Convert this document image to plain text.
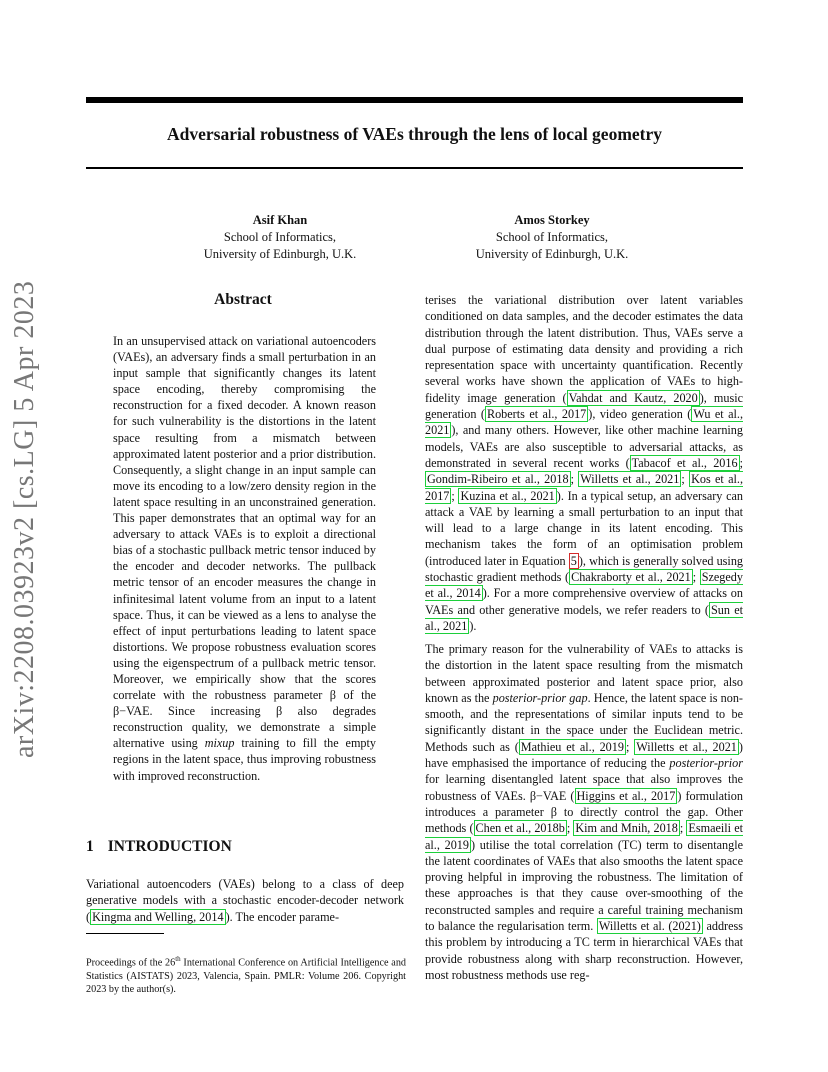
Adversarial robustness of VAEs through the lens of local geometry
Asif Khan
School of Informatics,
University of Edinburgh, U.K.
Amos Storkey
School of Informatics,
University of Edinburgh, U.K.
arXiv:2208.03923v2 [cs.LG] 5 Apr 2023	Abstract
In an unsupervised attack on variational autoencoders (VAEs), an adversary finds a small perturbation in an input sample that significantly changes its latent space encoding, thereby compromising the reconstruction for a fixed decoder. A known reason for such vulnerability is the distortions in the latent space resulting from a mismatch between approximated latent posterior and a prior distribution. Consequently, a slight change in an input sample can move its encoding to a low/zero density region in the latent space resulting in an unconstrained generation. This paper demonstrates that an optimal way for an adversary to attack VAEs is to exploit a directional bias of a stochastic pullback metric tensor induced by the encoder and decoder networks. The pullback metric tensor of an encoder measures the change in infinitesimal latent volume from an input to a latent space. Thus, it can be viewed as a lens to analyse the effect of input perturbations leading to latent space distortions. We propose robustness evaluation scores using the eigenspectrum of a pullback metric tensor. Moreover, we empirically show that the scores correlate with the robustness parameter β of the β−VAE. Since increasing β also degrades reconstruction quality, we demonstrate a simple alternative using mixup training to fill the empty regions in the latent space, thus improving robustness with improved reconstruction.
1 INTRODUCTION
Variational autoencoders (VAEs) belong to a class of deep generative models with a stochastic encoder-decoder network ( Kingma and Welling, 2014 ). The encoder parame-
Proceedings of the 26th International Conference on Artificial Intelligence and Statistics (AISTATS) 2023, Valencia, Spain. PMLR: Volume 206. Copyright 2023 by the author(s).
terises the variational distribution over latent variables conditioned on data samples, and the decoder estimates the data distribution through the latent distribution. Thus, VAEs serve a dual purpose of estimating data density and providing a rich representation space with uncertainty quantification. Recently several works have shown the application of VAEs to high-fidelity image generation ( Vahdat and Kautz, 2020 ), music generation ( Roberts et al., 2017 ), video generation ( Wu et al., 2021 ), and many others. However, like other machine learning models, VAEs are also susceptible to adversarial attacks, as demonstrated in several recent works ( Tabacof et al., 2016 ; Gondim-Ribeiro et al., 2018 ; Willetts et al., 2021 ; Kos et al., 2017 ; Kuzina et al., 2021 ). In a typical setup, an adversary can attack a VAE by learning a small perturbation to an input that will lead to a large change in its latent encoding. This mechanism takes the form of an optimisation problem (introduced later in Equation 5 ), which is generally solved using stochastic gradient methods ( Chakraborty et al., 2021 ; Szegedy et al., 2014 ). For a more comprehensive overview of attacks on VAEs and other generative models, we refer readers to ( Sun et al., 2021 ).
The primary reason for the vulnerability of VAEs to attacks is the distortion in the latent space resulting from the mismatch between approximated posterior and latent space prior, also known as the posterior-prior gap. Hence, the latent space is non-smooth, and the representations of similar inputs tend to be significantly distant in the space under the Euclidean metric. Methods such as ( Mathieu et al., 2019 ; Willetts et al., 2021 ) have emphasised the importance of reducing the posterior-prior for learning disentangled latent space that also improves the robustness of VAEs. β−VAE ( Higgins et al., 2017 ) formulation introduces a parameter β to directly control the gap. Other methods ( Chen et al., 2018b ; Kim and Mnih, 2018 ; Esmaeili et al., 2019 ) utilise the total correlation (TC) term to disentangle the latent coordinates of VAEs that also smooths the latent space proving helpful in improving the robustness. The limitation of these approaches is that they cause over-smoothing of the reconstructed samples and require a careful training mechanism to balance the regularisation term. Willetts et al. (2021) address this problem by introducing a TC term in hierarchical VAEs that provide robustness along with sharp reconstruction. However, most robustness methods use reg-
